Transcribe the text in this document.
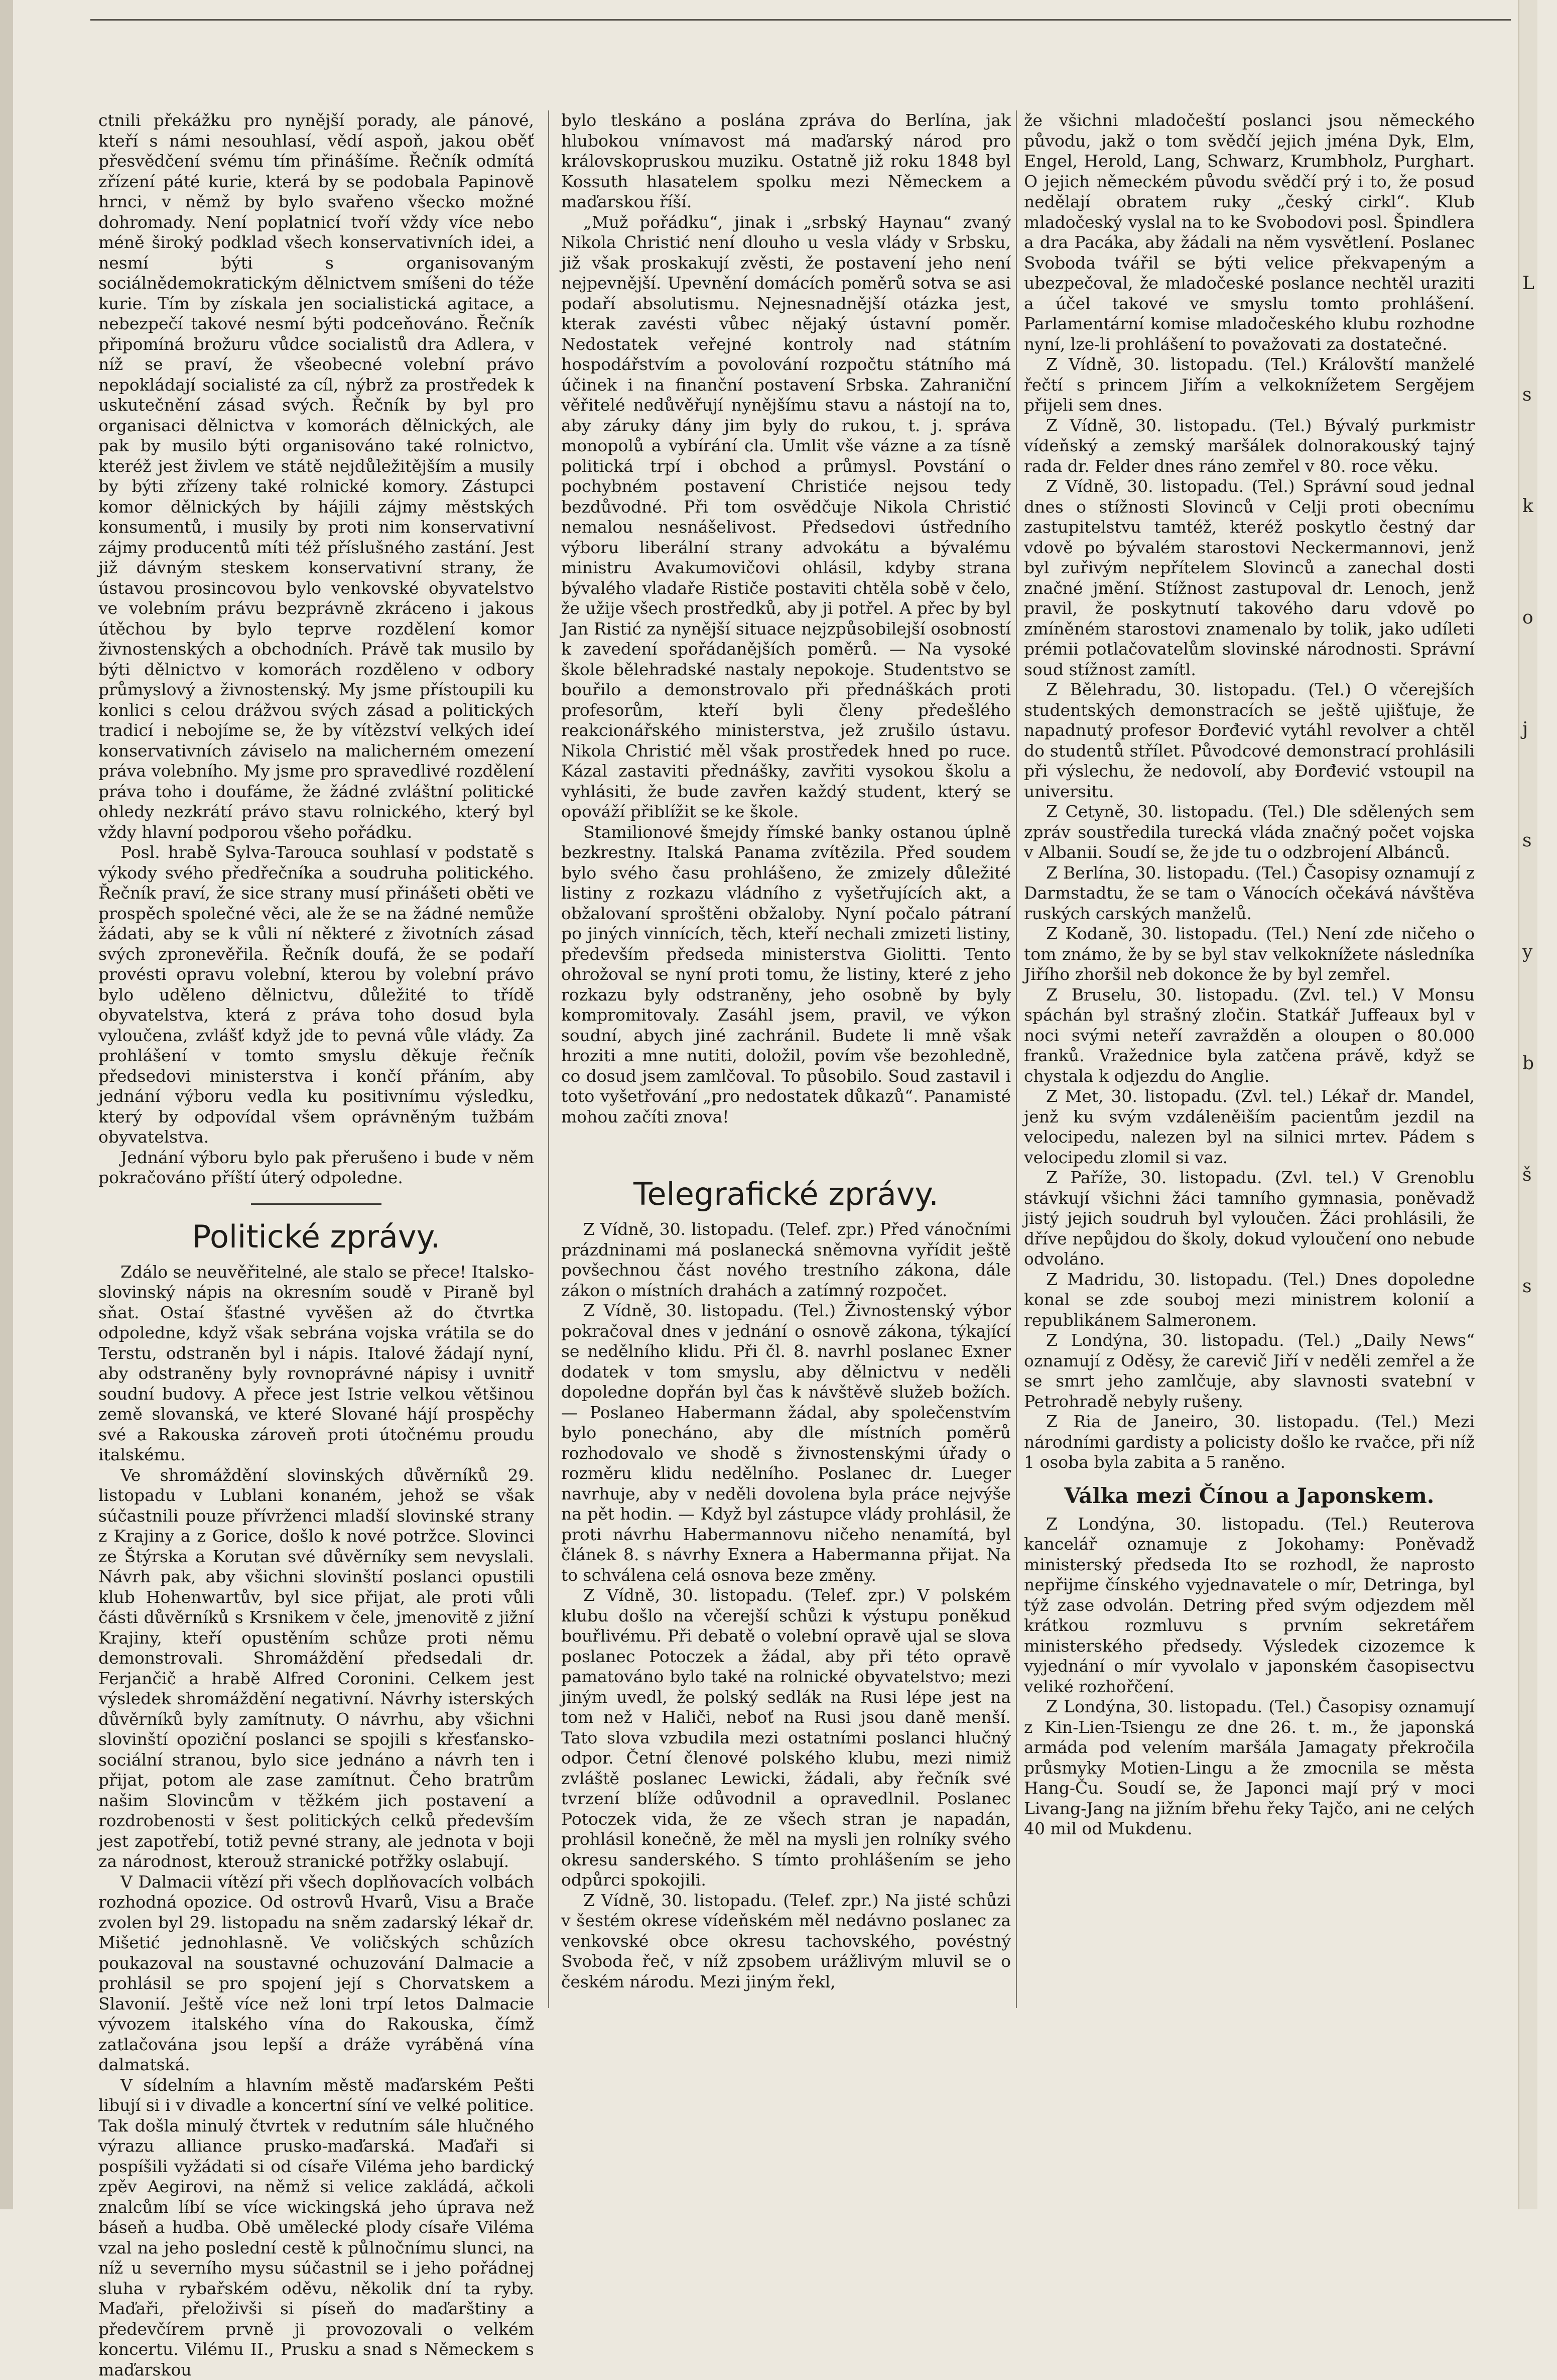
L

s

k

o

j

s

y

b

š

s

ctnili překážku pro nynější porady, ale pánové, kteří s námi nesouhlasí, vědí aspoň, jakou oběť přesvědčení svému tím přinášíme. Řečník odmítá zřízení páté kurie, která by se podobala Papinově hrnci, v němž by bylo svařeno všecko možné dohromady. Není poplatnicí tvoří vždy více nebo méně široký podklad všech konservativních idei, a nesmí býti s organisovaným sociálnědemokratickým dělnictvem smíšeni do téže kurie. Tím by získala jen socialistická agitace, a nebezpečí takové nesmí býti podceňováno. Řečník připomíná brožuru vůdce socialistů dra Adlera, v níž se praví, že všeobecné volební právo nepokládají socialisté za cíl, nýbrž za prostředek k uskutečnění zásad svých. Řečník by byl pro organisaci dělnictva v komorách dělnických, ale pak by musilo býti organisováno také rolnictvo, kteréž jest živlem ve státě nejdůležitějším a musily by býti zřízeny také rolnické komory. Zástupci komor dělnických by hájili zájmy městských konsumentů, i musily by proti nim konservativní zájmy producentů míti též příslušného zastání. Jest již dávným steskem konservativní strany, že ústavou prosincovou bylo venkovské obyvatelstvo ve volebním právu bezprávně zkráceno i jakous útěchou by bylo teprve rozdělení komor živnostenských a obchodních. Právě tak musilo by býti dělnictvo v komorách rozděleno v odbory průmyslový a živnostenský. My jsme přístoupili ku konlici s celou drážvou svých zásad a politických tradicí i nebojíme se, že by vítězství velkých ideí konservativních záviselo na malicherném omezení práva volebního. My jsme pro spravedlivé rozdělení práva toho i doufáme, že žádné zvláštní politické ohledy nezkrátí právo stavu rolnického, který byl vždy hlavní podporou všeho pořádku.

Posl. hrabě Sylva-Tarouca souhlasí v podstatě s výkody svého předřečníka a soudruha politického. Řečník praví, že sice strany musí přinášeti oběti ve prospěch společné věci, ale že se na žádné nemůže žádati, aby se k vůli ní některé z životních zásad svých zpronevěřila. Řečník doufá, že se podaří provésti opravu volební, kterou by volební právo bylo uděleno dělnictvu, důležité to třídě obyvatelstva, která z práva toho dosud byla vyloučena, zvlášť když jde to pevná vůle vlády. Za prohlášení v tomto smyslu děkuje řečník předsedovi ministerstva i končí přáním, aby jednání výboru vedla ku positivnímu výsledku, který by odpovídal všem oprávněným tužbám obyvatelstva.

Jednání výboru bylo pak přerušeno i bude v něm pokračováno příští úterý odpoledne.

Politické zprávy.

Zdálo se neuvěřitelné, ale stalo se přece! Italsko-slovinský nápis na okresním soudě v Piraně byl sňat. Ostaí šťastné vyvěšen až do čtvrtka odpoledne, když však sebrána vojska vrátila se do Terstu, odstraněn byl i nápis. Italové žádají nyní, aby odstraněny byly rovnoprávné nápisy i uvnitř soudní budovy. A přece jest Istrie velkou většinou země slovanská, ve které Slované hájí prospěchy své a Rakouska zároveň proti útočnému proudu italskému.

Ve shromáždění slovinských důvěrníků 29. listopadu v Lublani konaném, jehož se však súčastnili pouze přívrženci mladší slovinské strany z Krajiny a z Gorice, došlo k nové potržce. Slovinci ze Štýrska a Korutan své důvěrníky sem nevyslali. Návrh pak, aby všichni slovinští poslanci opustili klub Hohenwartův, byl sice přijat, ale proti vůli části důvěrníků s Krsnikem v čele, jmenovitě z jižní Krajiny, kteří opustěním schůze proti němu demonstrovali. Shromáždění předsedali dr. Ferjančič a hrabě Alfred Coronini. Celkem jest výsledek shromáždění negativní. Návrhy isterských důvěrníků byly zamítnuty. O návrhu, aby všichni slovinští opoziční poslanci se spojili s křesťansko-sociální stranou, bylo sice jednáno a návrh ten i přijat, potom ale zase zamítnut. Čeho bratrům našim Slovincům v těžkém jich postavení a rozdrobenosti v šest politických celků především jest zapotřebí, totiž pevné strany, ale jednota v boji za národnost, kterouž stranické potřžky oslabují.

V Dalmacii vítězí při všech doplňovacích volbách rozhodná opozice. Od ostrovů Hvarů, Visu a Brače zvolen byl 29. listopadu na sněm zadarský lékař dr. Mišetić jednohlasně. Ve voličských schůzích poukazoval na soustavné ochuzování Dalmacie a prohlásil se pro spojení její s Chorvatskem a Slavonií. Ještě více než loni trpí letos Dalmacie vývozem italského vína do Rakouska, čímž zatlačována jsou lepší a dráže vyráběná vína dalmatská.

V sídelním a hlavním městě maďarském Pešti libují si i v divadle a koncertní síní ve velké politice. Tak došla minulý čtvrtek v redutním sále hlučného výrazu alliance prusko-maďarská. Maďaři si pospíšili vyžádati si od císaře Viléma jeho bardický zpěv Aegirovi, na němž si velice zakládá, ačkoli znalcům líbí se více wickingská jeho úprava než báseň a hudba. Obě umělecké plody císaře Viléma vzal na jeho poslední cestě k půlnočnímu slunci, na níž u severního mysu súčastnil se i jeho pořádnej sluha v rybařském oděvu, několik dní ta ryby. Maďaři, přeloživši si píseň do maďarštiny a předevčírem prvně ji provozovali o velkém koncertu. Vilému II., Prusku a snad s Německem s maďarskou

bylo tleskáno a poslána zpráva do Berlína, jak hlubokou vnímavost má maďarský národ pro královskopruskou muziku. Ostatně již roku 1848 byl Kossuth hlasatelem spolku mezi Německem a maďarskou říší.

„Muž pořádku“, jinak i „srbský Haynau“ zvaný Nikola Christić není dlouho u vesla vlády v Srbsku, již však proskakují zvěsti, že postavení jeho není nejpevnější. Upevnění domácích poměrů sotva se asi podaří absolutismu. Nejnesnadnější otázka jest, kterak zavésti vůbec nějaký ústavní poměr. Nedostatek veřejné kontroly nad státním hospodářstvím a povolování rozpočtu státního má účinek i na finanční postavení Srbska. Zahraniční věřitelé nedůvěřují nynějšímu stavu a nástojí na to, aby záruky dány jim byly do rukou, t. j. správa monopolů a vybírání cla. Umlit vše vázne a za tísně politická trpí i obchod a průmysl. Povstání o pochybném postavení Christiće nejsou tedy bezdůvodné. Při tom osvědčuje Nikola Christić nemalou nesnášelivost. Předsedovi ústředního výboru liberální strany advokátu a bývalému ministru Avakumovičovi ohlásil, kdyby strana bývalého vladaře Rističe postaviti chtěla sobě v čelo, že užije všech prostředků, aby ji potřel. A přec by byl Jan Ristić za nynější situace nejzpůsobilejší osobností k zavedení spořádanějších poměrů. — Na vysoké škole bělehradské nastaly nepokoje. Studentstvo se bouřilo a demonstrovalo při přednáškách proti profesorům, kteří byli členy předešlého reakcionářského ministerstva, jež zrušilo ústavu. Nikola Christić měl však prostředek hned po ruce. Kázal zastaviti přednášky, zavřiti vysokou školu a vyhlásiti, že bude zavřen každý student, který se opováží přiblížit se ke škole.

Stamilionové šmejdy římské banky ostanou úplně bezkrestny. Italská Panama zvítězila. Před soudem bylo svého času prohlášeno, že zmizely důležité listiny z rozkazu vládního z vyšetřujících akt, a obžalovaní sproštěni obžaloby. Nyní počalo pátraní po jiných vinnících, těch, kteří nechali zmizeti listiny, především předseda ministerstva Giolitti. Tento ohrožoval se nyní proti tomu, že listiny, které z jeho rozkazu byly odstraněny, jeho osobně by byly kompromitovaly. Zasáhl jsem, pravil, ve výkon soudní, abych jiné zachránil. Budete li mně však hroziti a mne nutiti, doložil, povím vše bezohledně, co dosud jsem zamlčoval. To působilo. Soud zastavil i toto vyšetřování „pro nedostatek důkazů“. Panamisté mohou začíti znova!

Telegrafické zprávy.

Z Vídně, 30. listopadu. (Telef. zpr.) Před vánočními prázdninami má poslanecká sněmovna vyřídit ještě povšechnou část nového trestního zákona, dále zákon o místních drahách a zatímný rozpočet.

Z Vídně, 30. listopadu. (Tel.) Živnostenský výbor pokračoval dnes v jednání o osnově zákona, týkající se nedělního klidu. Při čl. 8. navrhl poslanec Exner dodatek v tom smyslu, aby dělnictvu v neděli dopoledne dopřán byl čas k návštěvě služeb božích. — Poslaneo Habermann žádal, aby společenstvím bylo ponecháno, aby dle místních poměrů rozhodovalo ve shodě s živnostenskými úřady o rozměru klidu nedělního. Poslanec dr. Lueger navrhuje, aby v neděli dovolena byla práce nejvýše na pět hodin. — Když byl zástupce vlády prohlásil, že proti návrhu Habermannovu ničeho nenamítá, byl článek 8. s návrhy Exnera a Habermanna přijat. Na to schválena celá osnova beze změny.

Z Vídně, 30. listopadu. (Telef. zpr.) V polském klubu došlo na včerejší schůzi k výstupu poněkud bouřlivému. Při debatě o volební opravě ujal se slova poslanec Potoczek a žádal, aby při této opravě pamatováno bylo také na rolnické obyvatelstvo; mezi jiným uvedl, že polský sedlák na Rusi lépe jest na tom než v Haliči, neboť na Rusi jsou daně menší. Tato slova vzbudila mezi ostatními poslanci hlučný odpor. Četní členové polského klubu, mezi nimiž zvláště poslanec Lewicki, žádali, aby řečník své tvrzení blíže odůvodnil a opravedlnil. Poslanec Potoczek vida, že ze všech stran je napadán, prohlásil konečně, že měl na mysli jen rolníky svého okresu sanderského. S tímto prohlášením se jeho odpůrci spokojili.

Z Vídně, 30. listopadu. (Telef. zpr.) Na jisté schůzi v šestém okrese vídeňském měl nedávno poslanec za venkovské obce okresu tachovského, povéstný Svoboda řeč, v níž zpsobem urážlivým mluvil se o českém národu. Mezi jiným řekl,

že všichni mladočeští poslanci jsou německého původu, jakž o tom svědčí jejich jména Dyk, Elm, Engel, Herold, Lang, Schwarz, Krumbholz, Purghart. O jejich německém původu svědčí prý i to, že posud nedělají obratem ruky „český cirkl“. Klub mladočeský vyslal na to ke Svobodovi posl. Špindlera a dra Pacáka, aby žádali na něm vysvětlení. Poslanec Svoboda tvářil se býti velice překvapeným a ubezpečoval, že mladočeské poslance nechtěl uraziti a účel takové ve smyslu tomto prohlášení. Parlamentární komise mladočeského klubu rozhodne nyní, lze-li prohlášení to považovati za dostatečné.

Z Vídně, 30. listopadu. (Tel.) Královští manželé řečtí s princem Jiřím a velkoknížetem Sergějem přijeli sem dnes.

Z Vídně, 30. listopadu. (Tel.) Bývalý purkmistr vídeňský a zemský maršálek dolnorakouský tajný rada dr. Felder dnes ráno zemřel v 80. roce věku.

Z Vídně, 30. listopadu. (Tel.) Správní soud jednal dnes o stížnosti Slovinců v Celji proti obecnímu zastupitelstvu tamtéž, kteréž poskytlo čestný dar vdově po bývalém starostovi Neckermannovi, jenž byl zuřivým nepřítelem Slovinců a zanechal dosti značné jmění. Stížnost zastupoval dr. Lenoch, jenž pravil, že poskytnutí takového daru vdově po zmíněném starostovi znamenalo by tolik, jako udíleti prémii potlačovatelům slovinské národnosti. Správní soud stížnost zamítl.

Z Bělehradu, 30. listopadu. (Tel.) O včerejších studentských demonstracích se ještě ujišťuje, že napadnutý profesor Đorđević vytáhl revolver a chtěl do studentů střílet. Původcové demonstrací prohlásili při výslechu, že nedovolí, aby Đorđević vstoupil na universitu.

Z Cetyně, 30. listopadu. (Tel.) Dle sdělených sem zpráv soustředila turecká vláda značný počet vojska v Albanii. Soudí se, že jde tu o odzbrojení Albánců.

Z Berlína, 30. listopadu. (Tel.) Časopisy oznamují z Darmstadtu, že se tam o Vánocích očekává návštěva ruských carských manželů.

Z Kodaně, 30. listopadu. (Tel.) Není zde ničeho o tom známo, že by se byl stav velkoknížete následníka Jiřího zhoršil neb dokonce že by byl zemřel.

Z Bruselu, 30. listopadu. (Zvl. tel.) V Monsu spáchán byl strašný zločin. Statkář Juffeaux byl v noci svými neteří zavražděn a oloupen o 80.000 franků. Vražednice byla zatčena právě, když se chystala k odjezdu do Anglie.

Z Met, 30. listopadu. (Zvl. tel.) Lékař dr. Mandel, jenž ku svým vzdáleněiším pacientům jezdil na velocipedu, nalezen byl na silnici mrtev. Pádem s velocipedu zlomil si vaz.

Z Paříže, 30. listopadu. (Zvl. tel.) V Grenoblu stávkují všichni žáci tamního gymnasia, poněvadž jistý jejich soudruh byl vyloučen. Žáci prohlásili, že dříve nepůjdou do školy, dokud vyloučení ono nebude odvoláno.

Z Madridu, 30. listopadu. (Tel.) Dnes dopoledne konal se zde souboj mezi ministrem kolonií a republikánem Salmeronem.

Z Londýna, 30. listopadu. (Tel.) „Daily News“ oznamují z Oděsy, že carevič Jiří v neděli zemřel a že se smrt jeho zamlčuje, aby slavnosti svatební v Petrohradě nebyly rušeny.

Z Ria de Janeiro, 30. listopadu. (Tel.) Mezi národními gardisty a policisty došlo ke rvačce, při níž 1 osoba byla zabita a 5 raněno.

Válka mezi Čínou a Japonskem.

Z Londýna, 30. listopadu. (Tel.) Reuterova kancelář oznamuje z Jokohamy: Poněvadž ministerský předseda Ito se rozhodl, že naprosto nepřijme čínského vyjednavatele o mír, Detringa, byl týž zase odvolán. Detring před svým odjezdem měl krátkou rozmluvu s prvním sekretářem ministerského předsedy. Výsledek cizozemce k vyjednání o mír vyvolalo v japonském časopisectvu veliké rozhořčení.

Z Londýna, 30. listopadu. (Tel.) Časopisy oznamují z Kin-Lien-Tsiengu ze dne 26. t. m., že japonská armáda pod velením maršála Jamagaty překročila průsmyky Motien-Lingu a že zmocnila se města Hang-Ču. Soudí se, že Japonci mají prý v moci Livang-Jang na jižním břehu řeky Tajčo, ani ne celých 40 mil od Mukdenu.
